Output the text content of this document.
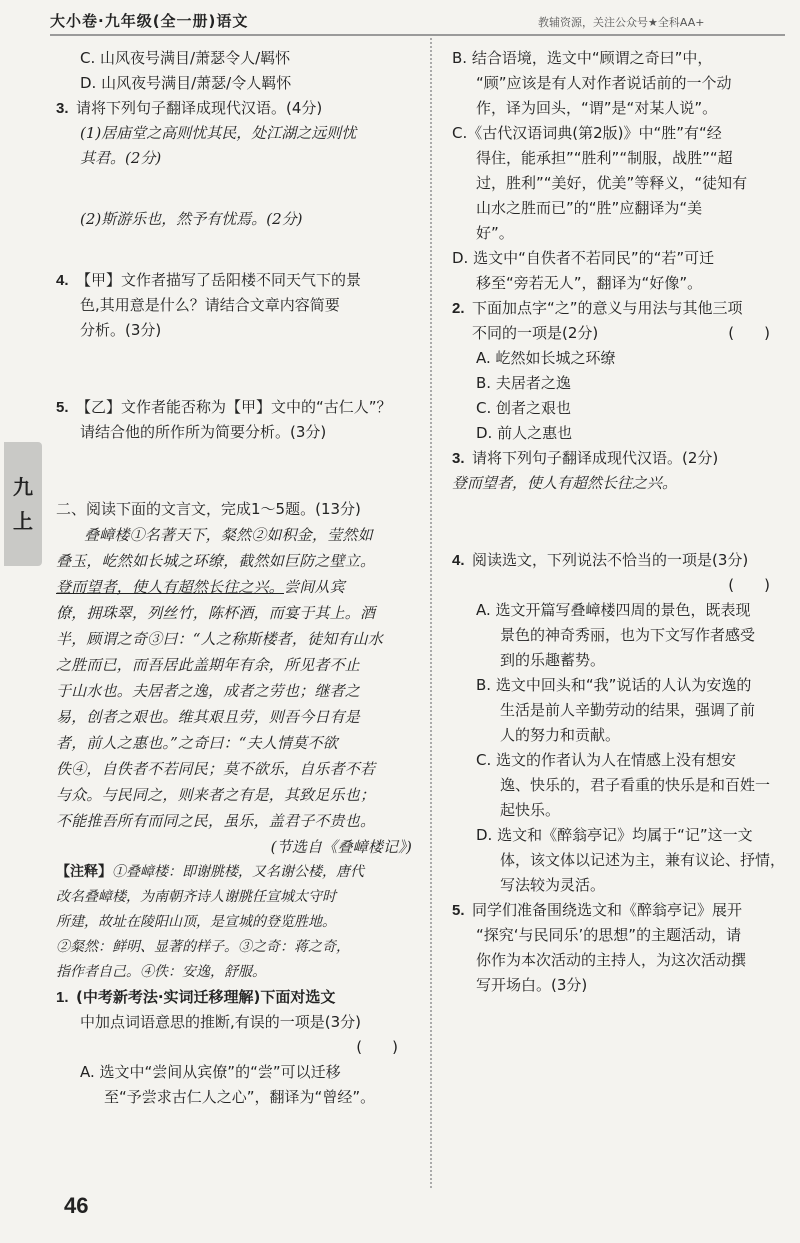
大小卷·九年级(全一册)语文	教辅资源，关注公众号★全科AA+
九
上
C. 山风夜号满目/萧瑟令人/羁怀
D. 山风夜号满目/萧瑟/令人羁怀
3. 请将下列句子翻译成现代汉语。(4分)
(1)居庙堂之高则忧其民，处江湖之远则忧
其君。(2分)
(2)斯游乐也，然予有忧焉。(2分)
4. 【甲】文作者描写了岳阳楼不同天气下的景
色,其用意是什么？请结合文章内容简要
分析。(3分)
5. 【乙】文作者能否称为【甲】文中的“古仁人”？
请结合他的所作所为简要分析。(3分)
二、阅读下面的文言文，完成1～5题。(13分)
叠嶂楼①名著天下，粲然②如积金，莹然如
叠玉，屹然如长城之环缭，截然如巨防之壁立。
登而望者，使人有超然长往之兴。尝间从宾
僚，拥珠翠，列丝竹，陈杯酒，而宴于其上。酒
半，顾谓之奇③曰：“人之称斯楼者，徒知有山水
之胜而已，而吾居此盖期年有余，所见者不止
于山水也。夫居者之逸，成者之劳也；继者之
易，创者之艰也。维其艰且劳，则吾今日有是
者，前人之惠也。”之奇曰：“夫人情莫不欲
佚④，自佚者不若同民；莫不欲乐，自乐者不若
与众。与民同之，则来者之有是，其致足乐也；
不能推吾所有而同之民，虽乐，盖君子不贵也。
(节选自《叠嶂楼记》)
【注释】①叠嶂楼：即谢朓楼，又名谢公楼，唐代
改名叠嶂楼，为南朝齐诗人谢朓任宣城太守时
所建，故址在陵阳山顶，是宣城的登览胜地。
②粲然：鲜明、显著的样子。③之奇：蒋之奇，
指作者自己。④佚：安逸，舒服。
1. (中考新考法·实词迁移理解)下面对选文
中加点词语意思的推断,有误的一项是(3分)
(　　)
A. 选文中“尝间从宾僚”的“尝”可以迁移
至“予尝求古仁人之心”，翻译为“曾经”。
B. 结合语境，选文中“顾谓之奇曰”中，
“顾”应该是有人对作者说话前的一个动
作，译为回头，“谓”是“对某人说”。
C.《古代汉语词典(第2版)》中“胜”有“经
得住，能承担”“胜利”“制服，战胜”“超
过，胜利”“美好，优美”等释义，“徒知有
山水之胜而已”的“胜”应翻译为“美
好”。
D. 选文中“自佚者不若同民”的“若”可迁
移至“旁若无人”，翻译为“好像”。
2. 下面加点字“之”的意义与用法与其他三项
不同的一项是(2分)	(　　)
A. 屹然如长城之环缭
B. 夫居者之逸
C. 创者之艰也
D. 前人之惠也
3. 请将下列句子翻译成现代汉语。(2分)
登而望者，使人有超然长往之兴。
4. 阅读选文，下列说法不恰当的一项是(3分)
(　　)
A. 选文开篇写叠嶂楼四周的景色，既表现
景色的神奇秀丽，也为下文写作者感受
到的乐趣蓄势。
B. 选文中回头和“我”说话的人认为安逸的
生活是前人辛勤劳动的结果，强调了前
人的努力和贡献。
C. 选文的作者认为人在情感上没有想安
逸、快乐的，君子看重的快乐是和百姓一
起快乐。
D. 选文和《醉翁亭记》均属于“记”这一文
体，该文体以记述为主，兼有议论、抒情，
写法较为灵活。
5. 同学们准备围绕选文和《醉翁亭记》展开
“探究‘与民同乐’的思想”的主题活动，请
你作为本次活动的主持人，为这次活动撰
写开场白。(3分)
46
